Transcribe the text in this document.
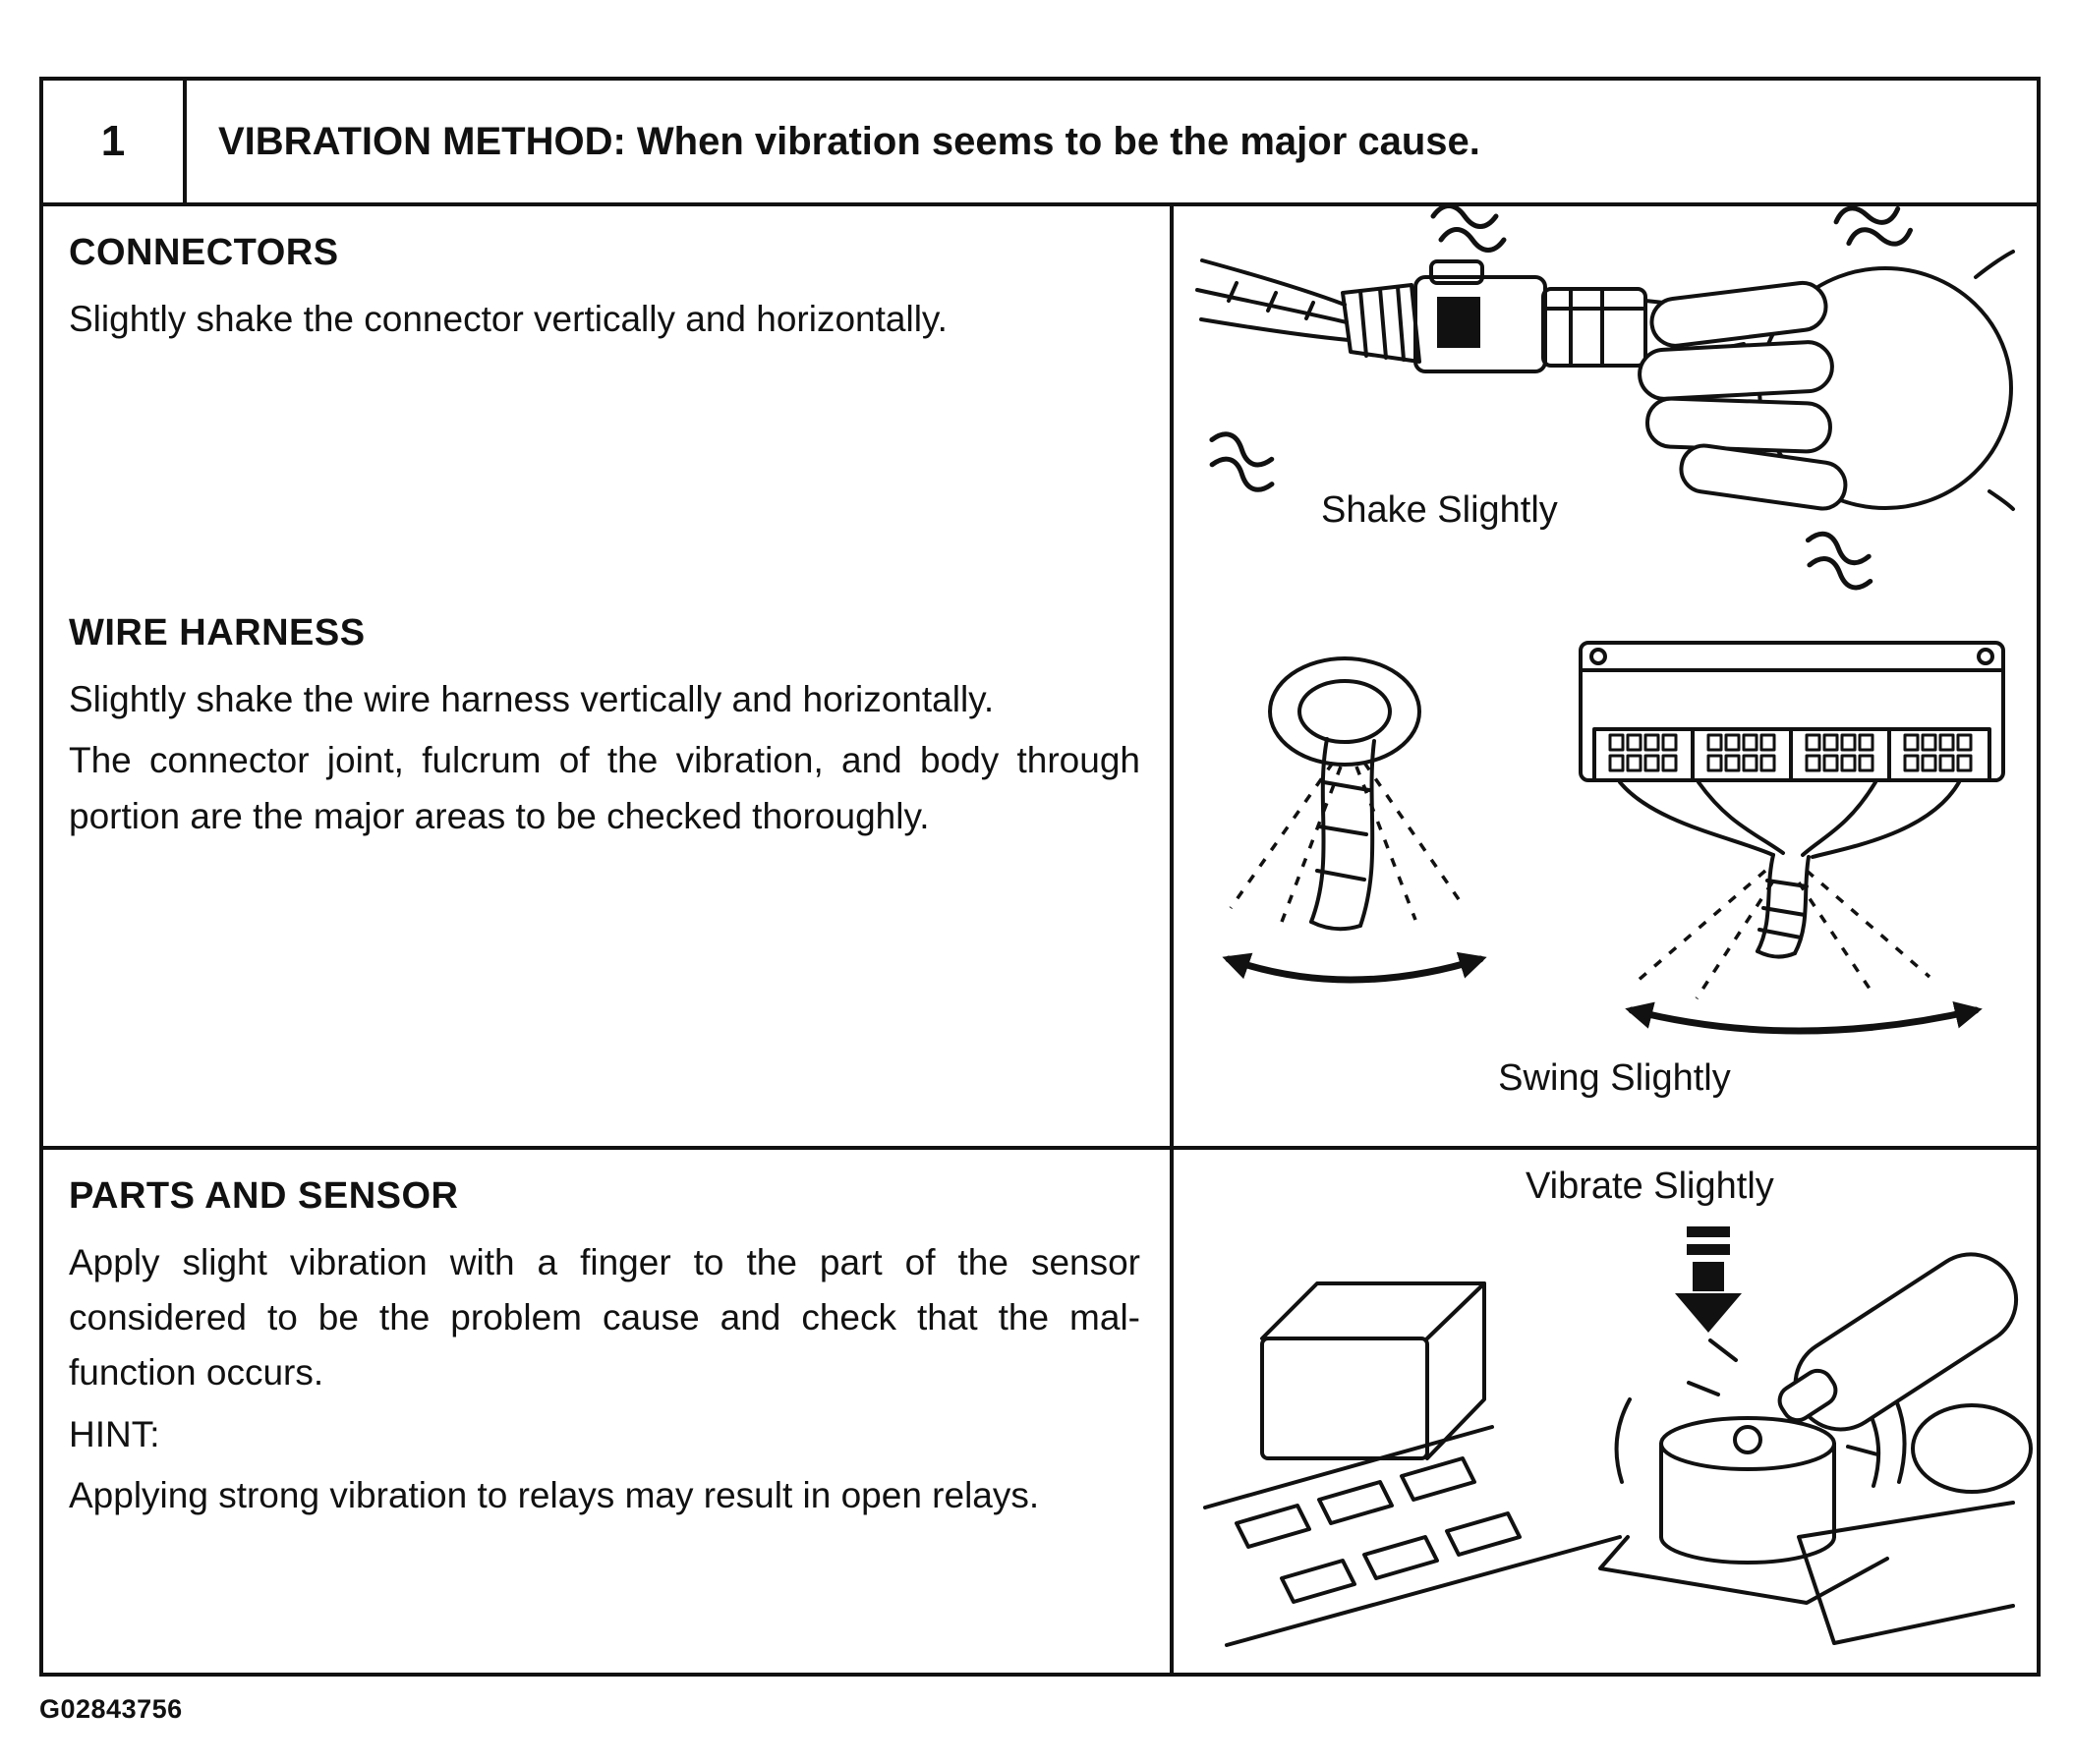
1 VIBRATION METHOD: When vibration seems to be the major cause.
CONNECTORS

Slightly shake the connector vertically and horizontally.

WIRE HARNESS

Slightly shake the wire harness vertically and horizontally.

The connector joint, fulcrum of the vibration, and body through portion are the major areas to be checked thoroughly.

Shake Slightly
Swing Slightly
PARTS AND SENSOR

Apply slight vibration with a finger to the part of the sensor considered to be the problem cause and check that the malfunction occurs.

HINT:

Applying strong vibration to relays may result in open relays.

Vibrate Slightly
G02843756
